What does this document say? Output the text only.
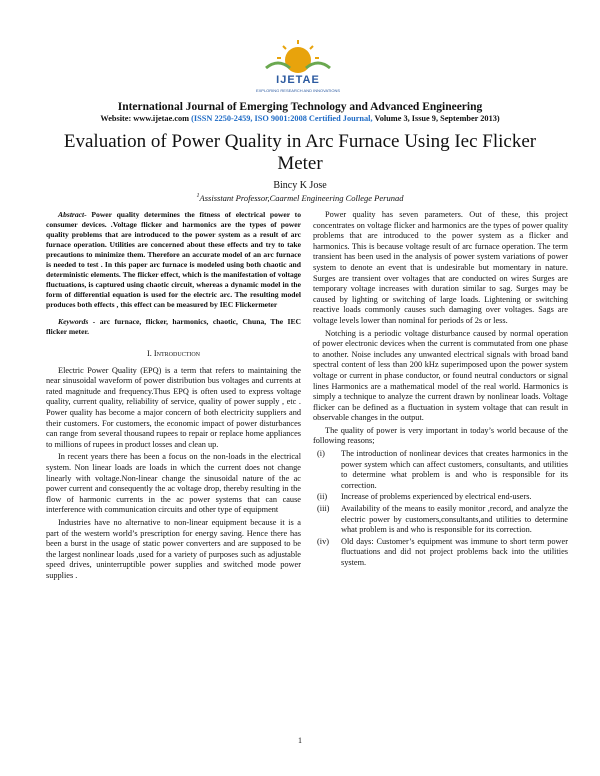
IJETAE
EXPLORING RESEARCH AND INNOVATIONS
International Journal of Emerging Technology and Advanced Engineering
Website: www.ijetae.com (ISSN 2250-2459, ISO 9001:2008 Certified Journal, Volume 3, Issue 9, September 2013)
Evaluation of Power Quality in Arc Furnace Using Iec Flicker Meter
Bincy K Jose
$^1$Assisstant Professor,Caarmel Engineering College Perunad

Abstract- Power quality determines the fitness of electrical power to consumer devices. .Voltage flicker and harmonics are the types of power quality problems that are introduced to the power system as a result of arc furnace operation. Utilities are concerned about these effects and try to take precautions to minimize them. Therefore an accurate model of an arc furnace is needed to test . In this paper arc furnace is modeled using both chaotic and deterministic elements. The flicker effect, which is the manifestation of voltage fluctuations, is captured using chaotic circuit, whereas a dynamic model in the form of differential equation is used for the electric arc. The resulting model produces both effects , this effect can be measured by IEC Flickermeter

Keywords - arc furnace, flicker, harmonics, chaotic, Chuna, The IEC flicker meter.

I. Introduction

Electric Power Quality (EPQ) is a term that refers to maintaining the near sinusoidal waveform of power distribution bus voltages and currents at rated magnitude and frequency.Thus EPQ is often used to express voltage quality, current quality, reliability of service, quality of power supply , etc . Power quality has become a major concern of both electricity suppliers and their customers. For customers, the economic impact of power disturbances can range from several thousand rupees to repair or replace home appliances to millions of rupees in product losses and clean up.

In recent years there has been a focus on the non-loads in the electrical system. Non linear loads are loads in which the current does not change linearly with voltage.Non-linear change the sinusoidal nature of the ac power current and consequently the ac voltage drop, thereby resulting in the flow of harmonic currents in the ac power systems that can cause interference with communication circuits and other type of equipment

Industries have no alternative to non-linear equipment because it is a part of the western world’s prescription for energy saving. Hence there has been a burst in the usage of static power converters and are supposed to be the largest nonlinear loads ,used for a variety of purposes such as adjustable speed drives, uninterruptible power supplies and switched mode power supplies .

Power quality has seven parameters. Out of these, this project concentrates on voltage flicker and harmonics are the types of power quality problems that are introduced to the power system as a flicker and harmonics. This is because voltage result of arc furnace operation. The term transient has been used in the analysis of power system variations of power system to denote an event that is undesirable but momentary in nature. Surges are transient over voltages that are conducted on wires Surges are temporary voltage increases with duration similar to sag. Surges may be caused by lighting or switching of large loads. Lightening or switching reactive loads commonly causes such damaging over voltages. Sags are voltage levels lower than nominal for periods of 2s or less.

Notching is a periodic voltage disturbance caused by normal operation of power electronic devices when the current is commutated from one phase to another. Noise includes any unwanted electrical signals with broad band spectral content of less than 200 kHz superimposed upon the power system voltage or current in phase conductor, or found neutral conductors or signal lines Harmonics are a mathematical model of the real world. Harmonics is simply a technique to analyze the current drawn by nonlinear loads. Voltage flicker can be defined as a fluctuation in system voltage that can result in observable changes in the output.

The quality of power is very important in today’s world because of the following reasons;

(i) The introduction of nonlinear devices that creates harmonics in the power system which can affect customers, consultants, and utilities to determine what problem is and who is responsible for its correction.
(ii) Increase of problems experienced by electrical end-users.
(iii) Availability of the means to easily monitor ,record, and analyze the electric power by customers,consultants,and utilities to determine what problem is and who is responsible for its correction.
(iv) Old days: Customer’s equipment was immune to short term power fluctuations and did not project problems back into the utilities system.
1
